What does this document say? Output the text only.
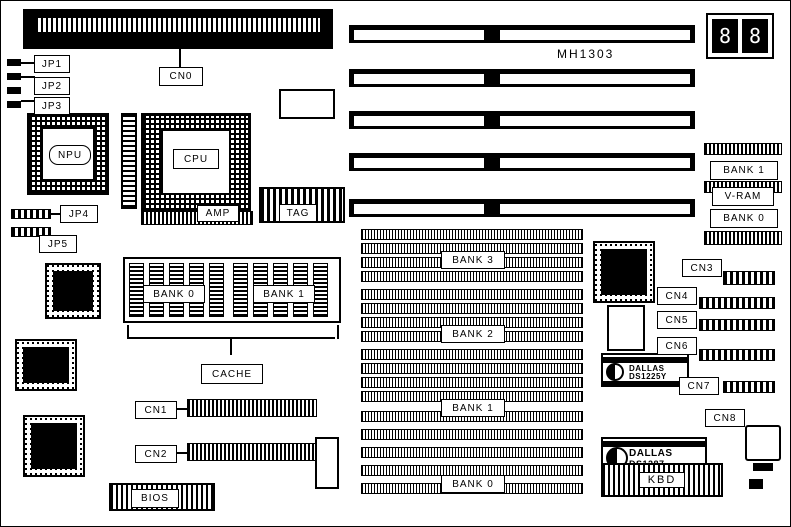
CN0
JP1
JP2
JP3
NPU	CPU
AMP	TAG
JP4
JP5
BANK 0	BANK 1
CACHE
CN1
CN2
BIOS
MH1303
8 8
BANK 1
V-RAM
BANK 0
BANK 3
BANK 2
BANK 1
BANK 0
DALLAS
DS1225Y
DALLAS
CN3
CN4
CN5
CN6
CN7
CN8
KBD
